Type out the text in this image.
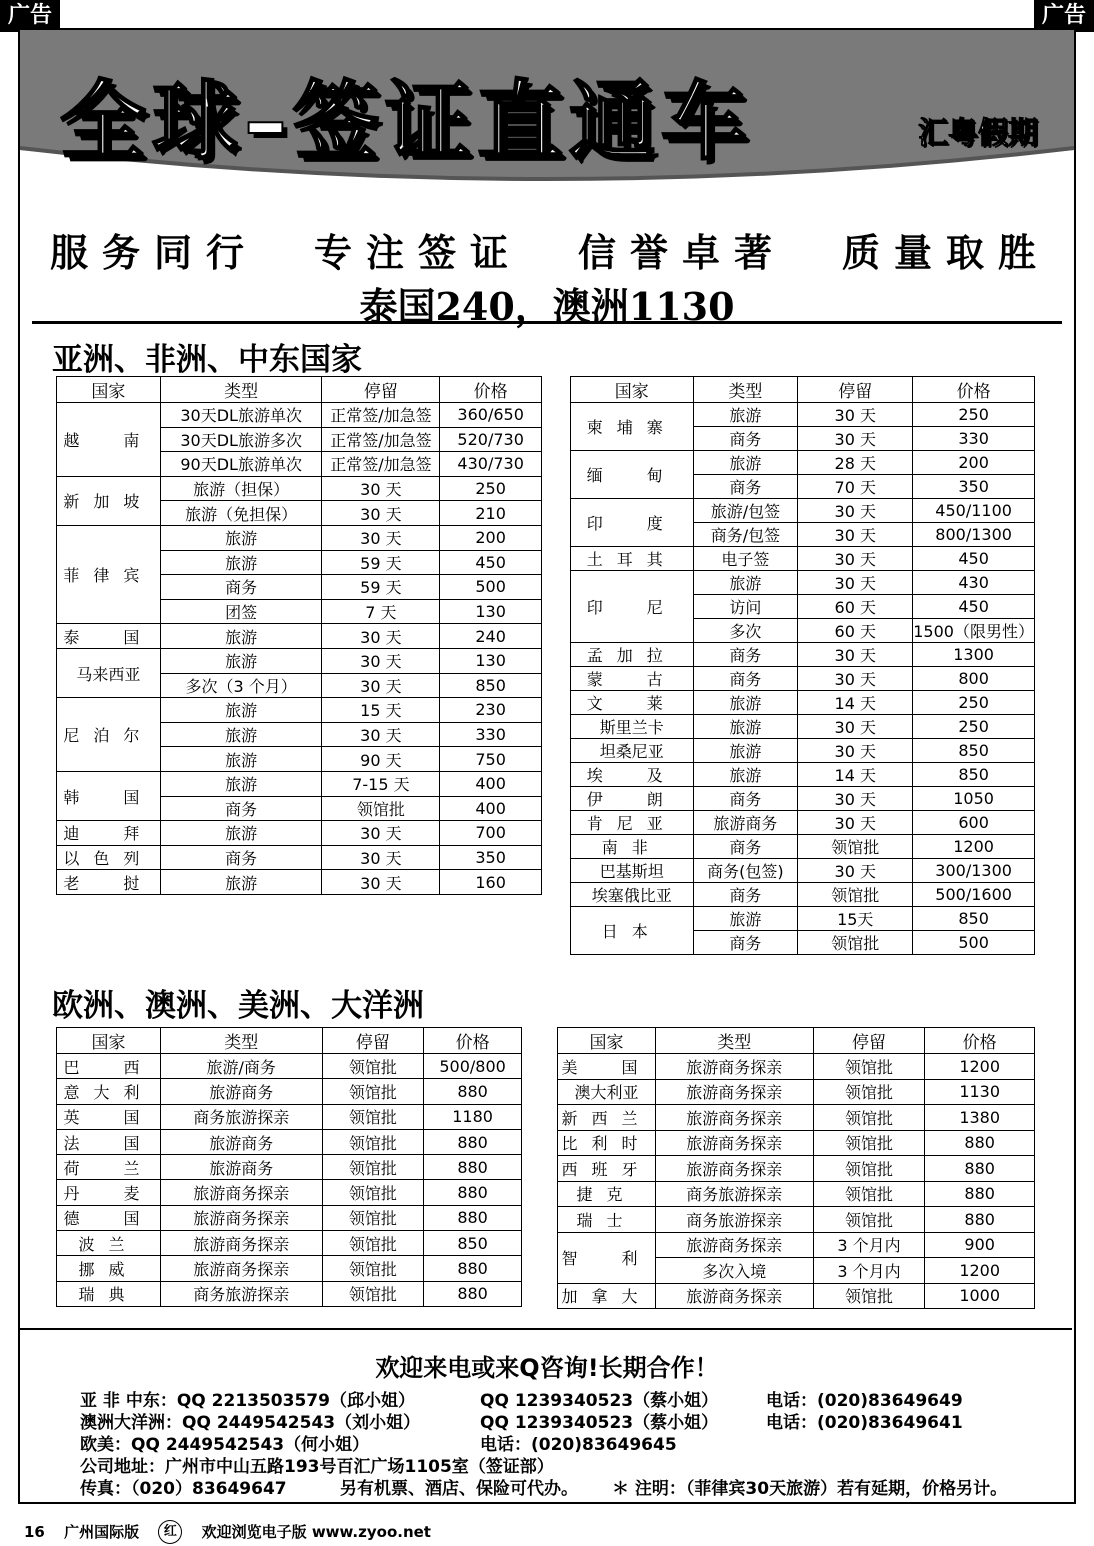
广告	广告
全球–签证直通车	汇粤假期
服务同行 专注签证 信誉卓著 质量取胜
泰国240，澳洲1130
亚洲、非洲、中东国家
国家	类型	停留	价格
越　南	30天DL旅游单次	正常签/加急签	360/650
	30天DL旅游多次	正常签/加急签	520/730
	90天DL旅游单次	正常签/加急签	430/730
新加坡	旅游（担保）	30 天	250
	旅游（免担保）	30 天	210
菲律宾	旅游	30 天	200
	旅游	59 天	450
	商务	59 天	500
	团签	7 天	130
泰　国	旅游	30 天	240
马来西亚	旅游	30 天	130
	多次（3 个月）	30 天	850
尼泊尔	旅游	15 天	230
	旅游	30 天	330
	旅游	90 天	750
韩　国	旅游	7-15 天	400
	商务	领馆批	400
迪　拜	旅游	30 天	700
以色列	商务	30 天	350
老　挝	旅游	30 天	160
国家	类型	停留	价格
柬埔寨	旅游	30 天	250
	商务	30 天	330
缅　甸	旅游	28 天	200
	商务	70 天	350
印　度	旅游/包签	30 天	450/1100
	商务/包签	30 天	800/1300
土耳其	电子签	30 天	450
印　尼	旅游	30 天	430
	访问	60 天	450
	多次	60 天	1500（限男性）
孟加拉	商务	30 天	1300
蒙　古	商务	30 天	800
文　莱	旅游	14 天	250
斯里兰卡	旅游	30 天	250
坦桑尼亚	旅游	30 天	850
埃　及	旅游	14 天	850
伊　朗	商务	30 天	1050
肯尼亚	旅游商务	30 天	600
南非	商务	领馆批	1200
巴基斯坦	商务(包签)	30 天	300/1300
埃塞俄比亚	商务	领馆批	500/1600
日本	旅游	15天	850
	商务	领馆批	500
欧洲、澳洲、美洲、大洋洲
国家	类型	停留	价格
巴　西	旅游/商务	领馆批	500/800
意大利	旅游商务	领馆批	880
英　国	商务旅游探亲	领馆批	1180
法　国	旅游商务	领馆批	880
荷　兰	旅游商务	领馆批	880
丹　麦	旅游商务探亲	领馆批	880
德　国	旅游商务探亲	领馆批	880
波兰	旅游商务探亲	领馆批	850
挪威	旅游商务探亲	领馆批	880
瑞典	商务旅游探亲	领馆批	880
国家	类型	停留	价格
美　国	旅游商务探亲	领馆批	1200
澳大利亚	旅游商务探亲	领馆批	1130
新西兰	旅游商务探亲	领馆批	1380
比利时	旅游商务探亲	领馆批	880
西班牙	旅游商务探亲	领馆批	880
捷克	商务旅游探亲	领馆批	880
瑞士	商务旅游探亲	领馆批	880
智　利	旅游商务探亲	3 个月内	900
	多次入境	3 个月内	1200
加拿大	旅游商务探亲	领馆批	1000
欢迎来电或来Q咨询!长期合作！
亚 非 中东：QQ 2213503579（邱小姐）	QQ 1239340523（蔡小姐）	电话：(020)83649649
澳洲大洋洲：QQ 2449542543（刘小姐）	QQ 1239340523（蔡小姐）	电话：(020)83649641
欧美：QQ 2449542543（何小姐）	电话：(020)83649645
公司地址：广州市中山五路193号百汇广场1105室（签证部）
传真：（020）83649647	另有机票、酒店、保险可代办。 ＊ 注明：（菲律宾30天旅游）若有延期，价格另计。
16 广州国际版 红 欢迎浏览电子版 www.zyoo.net
